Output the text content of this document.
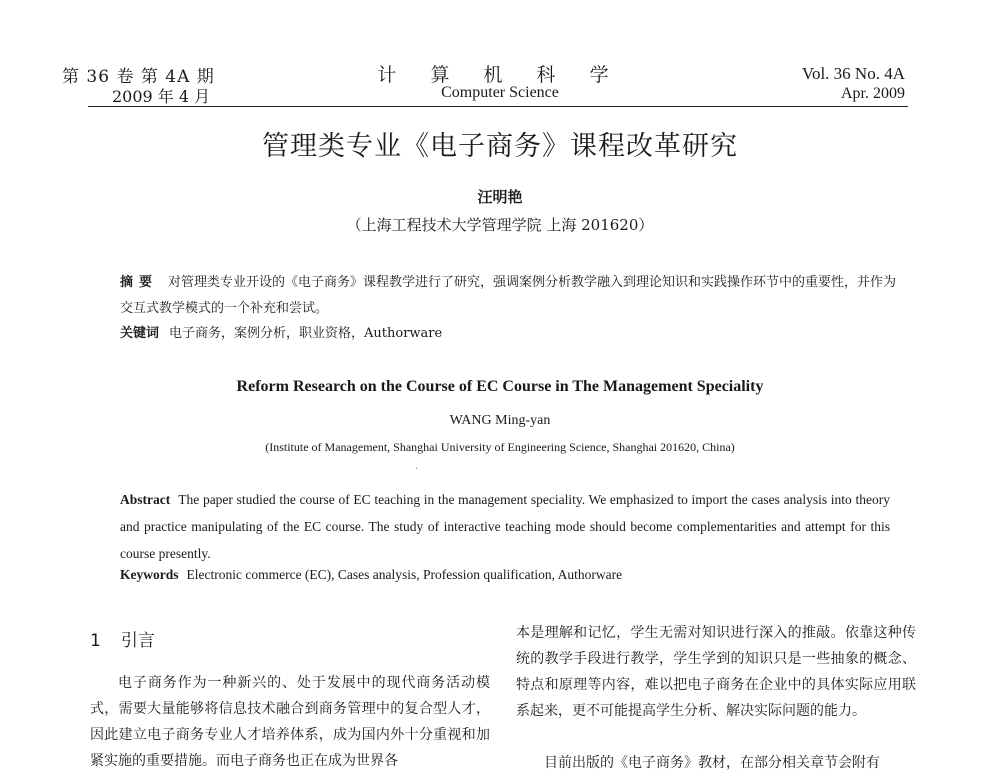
第 36 卷 第 4A 期
2009 年 4 月
计 算 机 科 学
Computer Science
Vol. 36 No. 4A
Apr. 2009
管理类专业《电子商务》课程改革研究
汪明艳
（上海工程技术大学管理学院 上海 201620）
摘要 对管理类专业开设的《电子商务》课程教学进行了研究，强调案例分析教学融入到理论知识和实践操作环节中的重要性，并作为交互式教学模式的一个补充和尝试。
关键词 电子商务，案例分析，职业资格，Authorware
Reform Research on the Course of EC Course in The Management Speciality
WANG Ming-yan
(Institute of Management, Shanghai University of Engineering Science, Shanghai 201620, China)
·
Abstract The paper studied the course of EC teaching in the management speciality. We emphasized to import the cases analysis into theory and practice manipulating of the EC course. The study of interactive teaching mode should become complementarities and attempt for this course presently.
Keywords Electronic commerce (EC), Cases analysis, Profession qualification, Authorware
1 引言
电子商务作为一种新兴的、处于发展中的现代商务活动模式，需要大量能够将信息技术融合到商务管理中的复合型人才，因此建立电子商务专业人才培养体系，成为国内外十分重视和加紧实施的重要措施。而电子商务也正在成为世界各
本是理解和记忆，学生无需对知识进行深入的推敲。依靠这种传统的教学手段进行教学，学生学到的知识只是一些抽象的概念、特点和原理等内容，难以把电子商务在企业中的具体实际应用联系起来，更不可能提高学生分析、解决实际问题的能力。
目前出版的《电子商务》教材，在部分相关章节会附有
